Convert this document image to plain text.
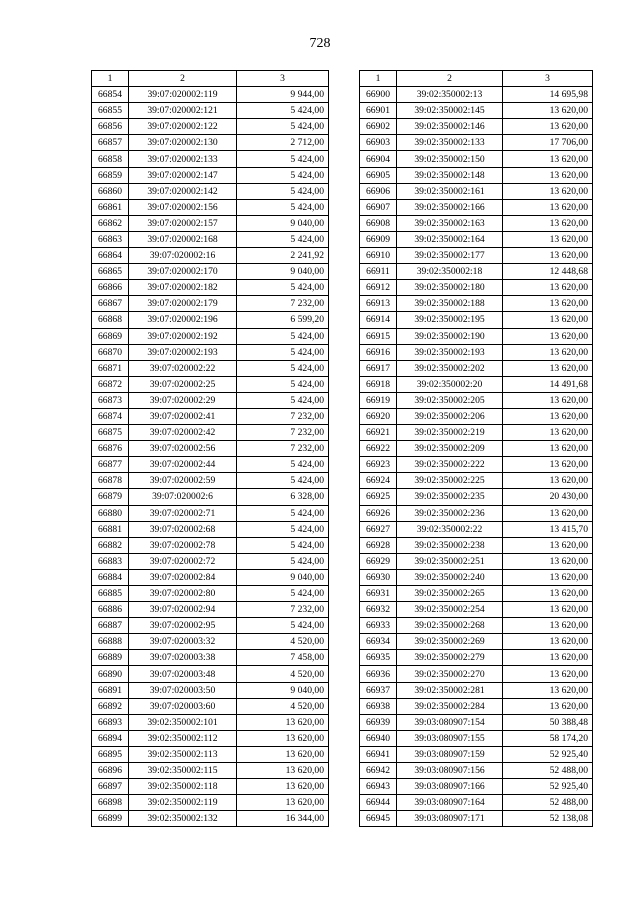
728
1	2	3
66854	39:07:020002:119	9 944,00
66855	39:07:020002:121	5 424,00
66856	39:07:020002:122	5 424,00
66857	39:07:020002:130	2 712,00
66858	39:07:020002:133	5 424,00
66859	39:07:020002:147	5 424,00
66860	39:07:020002:142	5 424,00
66861	39:07:020002:156	5 424,00
66862	39:07:020002:157	9 040,00
66863	39:07:020002:168	5 424,00
66864	39:07:020002:16	2 241,92
66865	39:07:020002:170	9 040,00
66866	39:07:020002:182	5 424,00
66867	39:07:020002:179	7 232,00
66868	39:07:020002:196	6 599,20
66869	39:07:020002:192	5 424,00
66870	39:07:020002:193	5 424,00
66871	39:07:020002:22	5 424,00
66872	39:07:020002:25	5 424,00
66873	39:07:020002:29	5 424,00
66874	39:07:020002:41	7 232,00
66875	39:07:020002:42	7 232,00
66876	39:07:020002:56	7 232,00
66877	39:07:020002:44	5 424,00
66878	39:07:020002:59	5 424,00
66879	39:07:020002:6	6 328,00
66880	39:07:020002:71	5 424,00
66881	39:07:020002:68	5 424,00
66882	39:07:020002:78	5 424,00
66883	39:07:020002:72	5 424,00
66884	39:07:020002:84	9 040,00
66885	39:07:020002:80	5 424,00
66886	39:07:020002:94	7 232,00
66887	39:07:020002:95	5 424,00
66888	39:07:020003:32	4 520,00
66889	39:07:020003:38	7 458,00
66890	39:07:020003:48	4 520,00
66891	39:07:020003:50	9 040,00
66892	39:07:020003:60	4 520,00
66893	39:02:350002:101	13 620,00
66894	39:02:350002:112	13 620,00
66895	39:02:350002:113	13 620,00
66896	39:02:350002:115	13 620,00
66897	39:02:350002:118	13 620,00
66898	39:02:350002:119	13 620,00
66899	39:02:350002:132	16 344,00
1	2	3
66900	39:02:350002:13	14 695,98
66901	39:02:350002:145	13 620,00
66902	39:02:350002:146	13 620,00
66903	39:02:350002:133	17 706,00
66904	39:02:350002:150	13 620,00
66905	39:02:350002:148	13 620,00
66906	39:02:350002:161	13 620,00
66907	39:02:350002:166	13 620,00
66908	39:02:350002:163	13 620,00
66909	39:02:350002:164	13 620,00
66910	39:02:350002:177	13 620,00
66911	39:02:350002:18	12 448,68
66912	39:02:350002:180	13 620,00
66913	39:02:350002:188	13 620,00
66914	39:02:350002:195	13 620,00
66915	39:02:350002:190	13 620,00
66916	39:02:350002:193	13 620,00
66917	39:02:350002:202	13 620,00
66918	39:02:350002:20	14 491,68
66919	39:02:350002:205	13 620,00
66920	39:02:350002:206	13 620,00
66921	39:02:350002:219	13 620,00
66922	39:02:350002:209	13 620,00
66923	39:02:350002:222	13 620,00
66924	39:02:350002:225	13 620,00
66925	39:02:350002:235	20 430,00
66926	39:02:350002:236	13 620,00
66927	39:02:350002:22	13 415,70
66928	39:02:350002:238	13 620,00
66929	39:02:350002:251	13 620,00
66930	39:02:350002:240	13 620,00
66931	39:02:350002:265	13 620,00
66932	39:02:350002:254	13 620,00
66933	39:02:350002:268	13 620,00
66934	39:02:350002:269	13 620,00
66935	39:02:350002:279	13 620,00
66936	39:02:350002:270	13 620,00
66937	39:02:350002:281	13 620,00
66938	39:02:350002:284	13 620,00
66939	39:03:080907:154	50 388,48
66940	39:03:080907:155	58 174,20
66941	39:03:080907:159	52 925,40
66942	39:03:080907:156	52 488,00
66943	39:03:080907:166	52 925,40
66944	39:03:080907:164	52 488,00
66945	39:03:080907:171	52 138,08
